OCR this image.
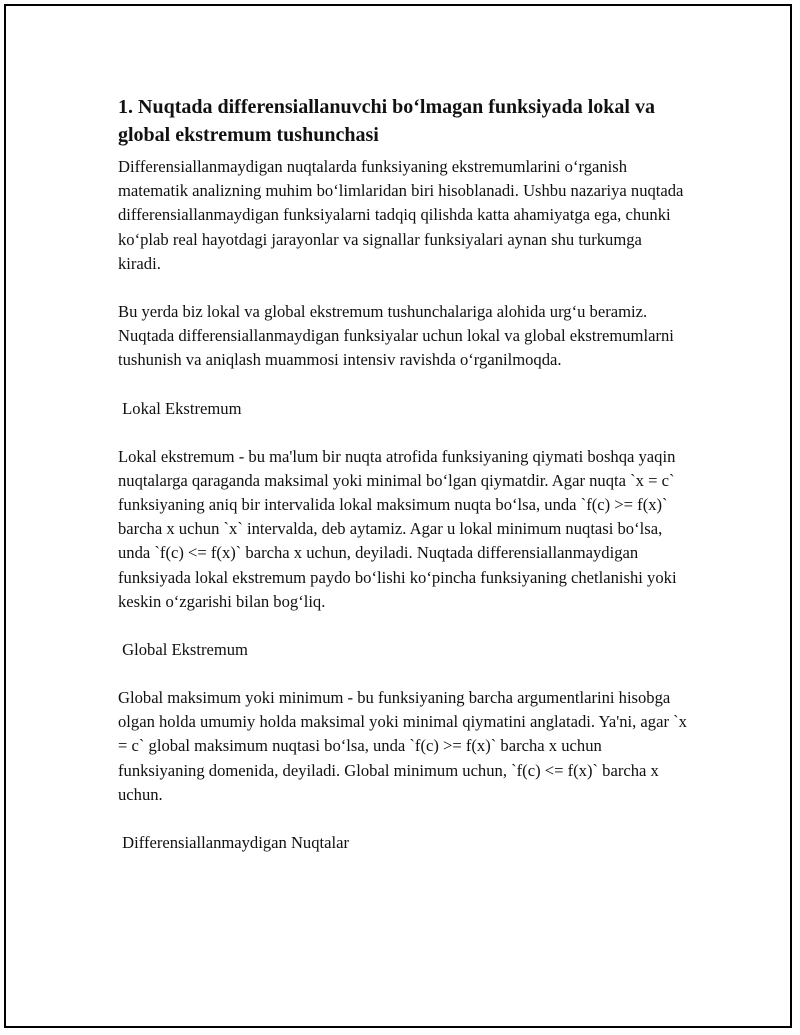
1. Nuqtada differensiallanuvchi bo‘lmagan funksiyada lokal va global ekstremum tushunchasi

Differensiallanmaydigan nuqtalarda funksiyaning ekstremumlarini o‘rganish matematik analizning muhim bo‘limlaridan biri hisoblanadi. Ushbu nazariya nuqtada differensiallanmaydigan funksiyalarni tadqiq qilishda katta ahamiyatga ega, chunki ko‘plab real hayotdagi jarayonlar va signallar funksiyalari aynan shu turkumga kiradi.

Bu yerda biz lokal va global ekstremum tushunchalariga alohida urg‘u beramiz. Nuqtada differensiallanmaydigan funksiyalar uchun lokal va global ekstremumlarni tushunish va aniqlash muammosi intensiv ravishda o‘rganilmoqda.

Lokal Ekstremum

Lokal ekstremum - bu ma'lum bir nuqta atrofida funksiyaning qiymati boshqa yaqin nuqtalarga qaraganda maksimal yoki minimal bo‘lgan qiymatdir. Agar nuqta `x = c` funksiyaning aniq bir intervalida lokal maksimum nuqta bo‘lsa, unda `f(c) >= f(x)` barcha x uchun `x` intervalda, deb aytamiz. Agar u lokal minimum nuqtasi bo‘lsa, unda `f(c) <= f(x)` barcha x uchun, deyiladi. Nuqtada differensiallanmaydigan funksiyada lokal ekstremum paydo bo‘lishi ko‘pincha funksiyaning chetlanishi yoki keskin o‘zgarishi bilan bog‘liq.

Global Ekstremum

Global maksimum yoki minimum - bu funksiyaning barcha argumentlarini hisobga olgan holda umumiy holda maksimal yoki minimal qiymatini anglatadi. Ya'ni, agar `x = c` global maksimum nuqtasi bo‘lsa, unda `f(c) >= f(x)` barcha x uchun funksiyaning domenida, deyiladi. Global minimum uchun, `f(c) <= f(x)` barcha x uchun.

Differensiallanmaydigan Nuqtalar
